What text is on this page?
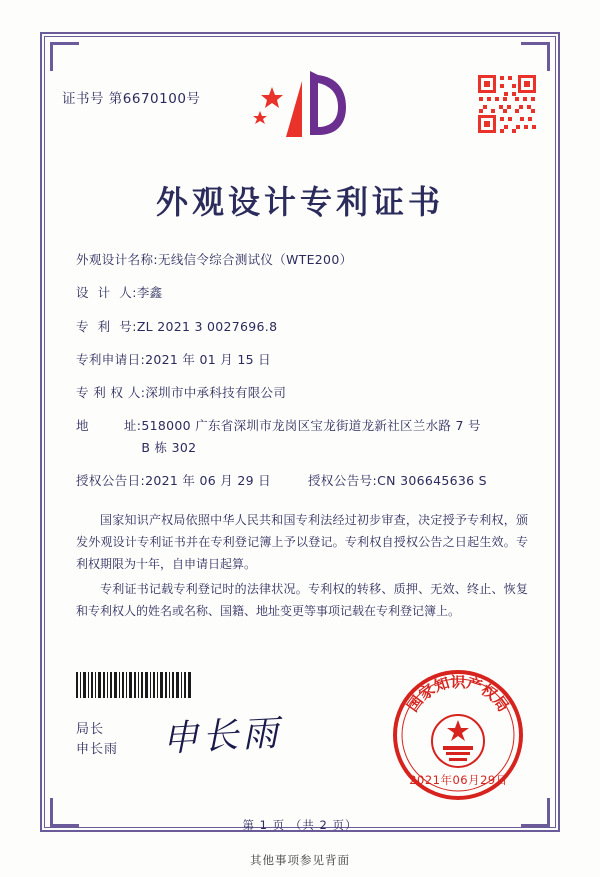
证书号 第6670100号
外观设计专利证书
外观设计名称: 无线信令综合测试仪（WTE200）
设  计  人: 李鑫
专  利  号: ZL 2021 3 0027696.8
专利申请日: 2021 年 01 月 15 日
专 利 权 人: 深圳市中承科技有限公司
地        址: 518000 广东省深圳市龙岗区宝龙街道龙新社区兰水路 7 号
B 栋 302
授权公告日: 2021 年 06 月 29 日	授权公告号: CN 306645636 S

国家知识产权局依照中华人民共和国专利法经过初步审查，决定授予专利权，颁发外观设计专利证书并在专利登记簿上予以登记。专利权自授权公告之日起生效。专利权期限为十年，自申请日起算。

专利证书记载专利登记时的法律状况。专利权的转移、质押、无效、终止、恢复和专利权人的姓名或名称、国籍、地址变更等事项记载在专利登记簿上。

局长
申长雨 申长雨
国家知识产权局
2021年06月29日
第 1 页 （共 2 页）
其他事项参见背面
